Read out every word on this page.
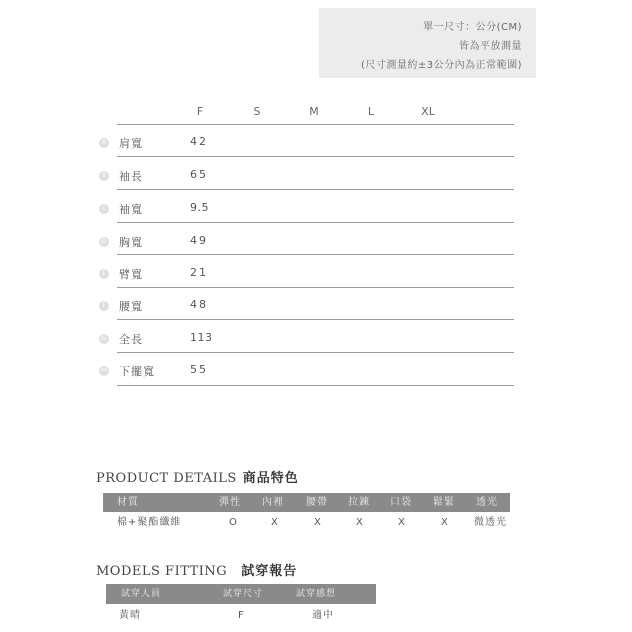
單一尺寸：公分(CM)
皆為平放測量
(尺寸測量約±3公分內為正常範圍)
F	S	M	L	XL
A 肩寬	42
B 袖長	65
C 袖寬	9.5
D 胸寬	49
E 臂寬	21
F 腰寬	48
G 全長	113
H 下擺寬	55
PRODUCT DETAILS 商品特色
材質	彈性 內裡 腰帶 拉鍊 口袋 鬆緊 透光
棉+聚酯纖維	O	X	X	X	X	X	微透光
MODELS FITTING 試穿報告
試穿人員	試穿尺寸	試穿感想
黃晴	F	適中
